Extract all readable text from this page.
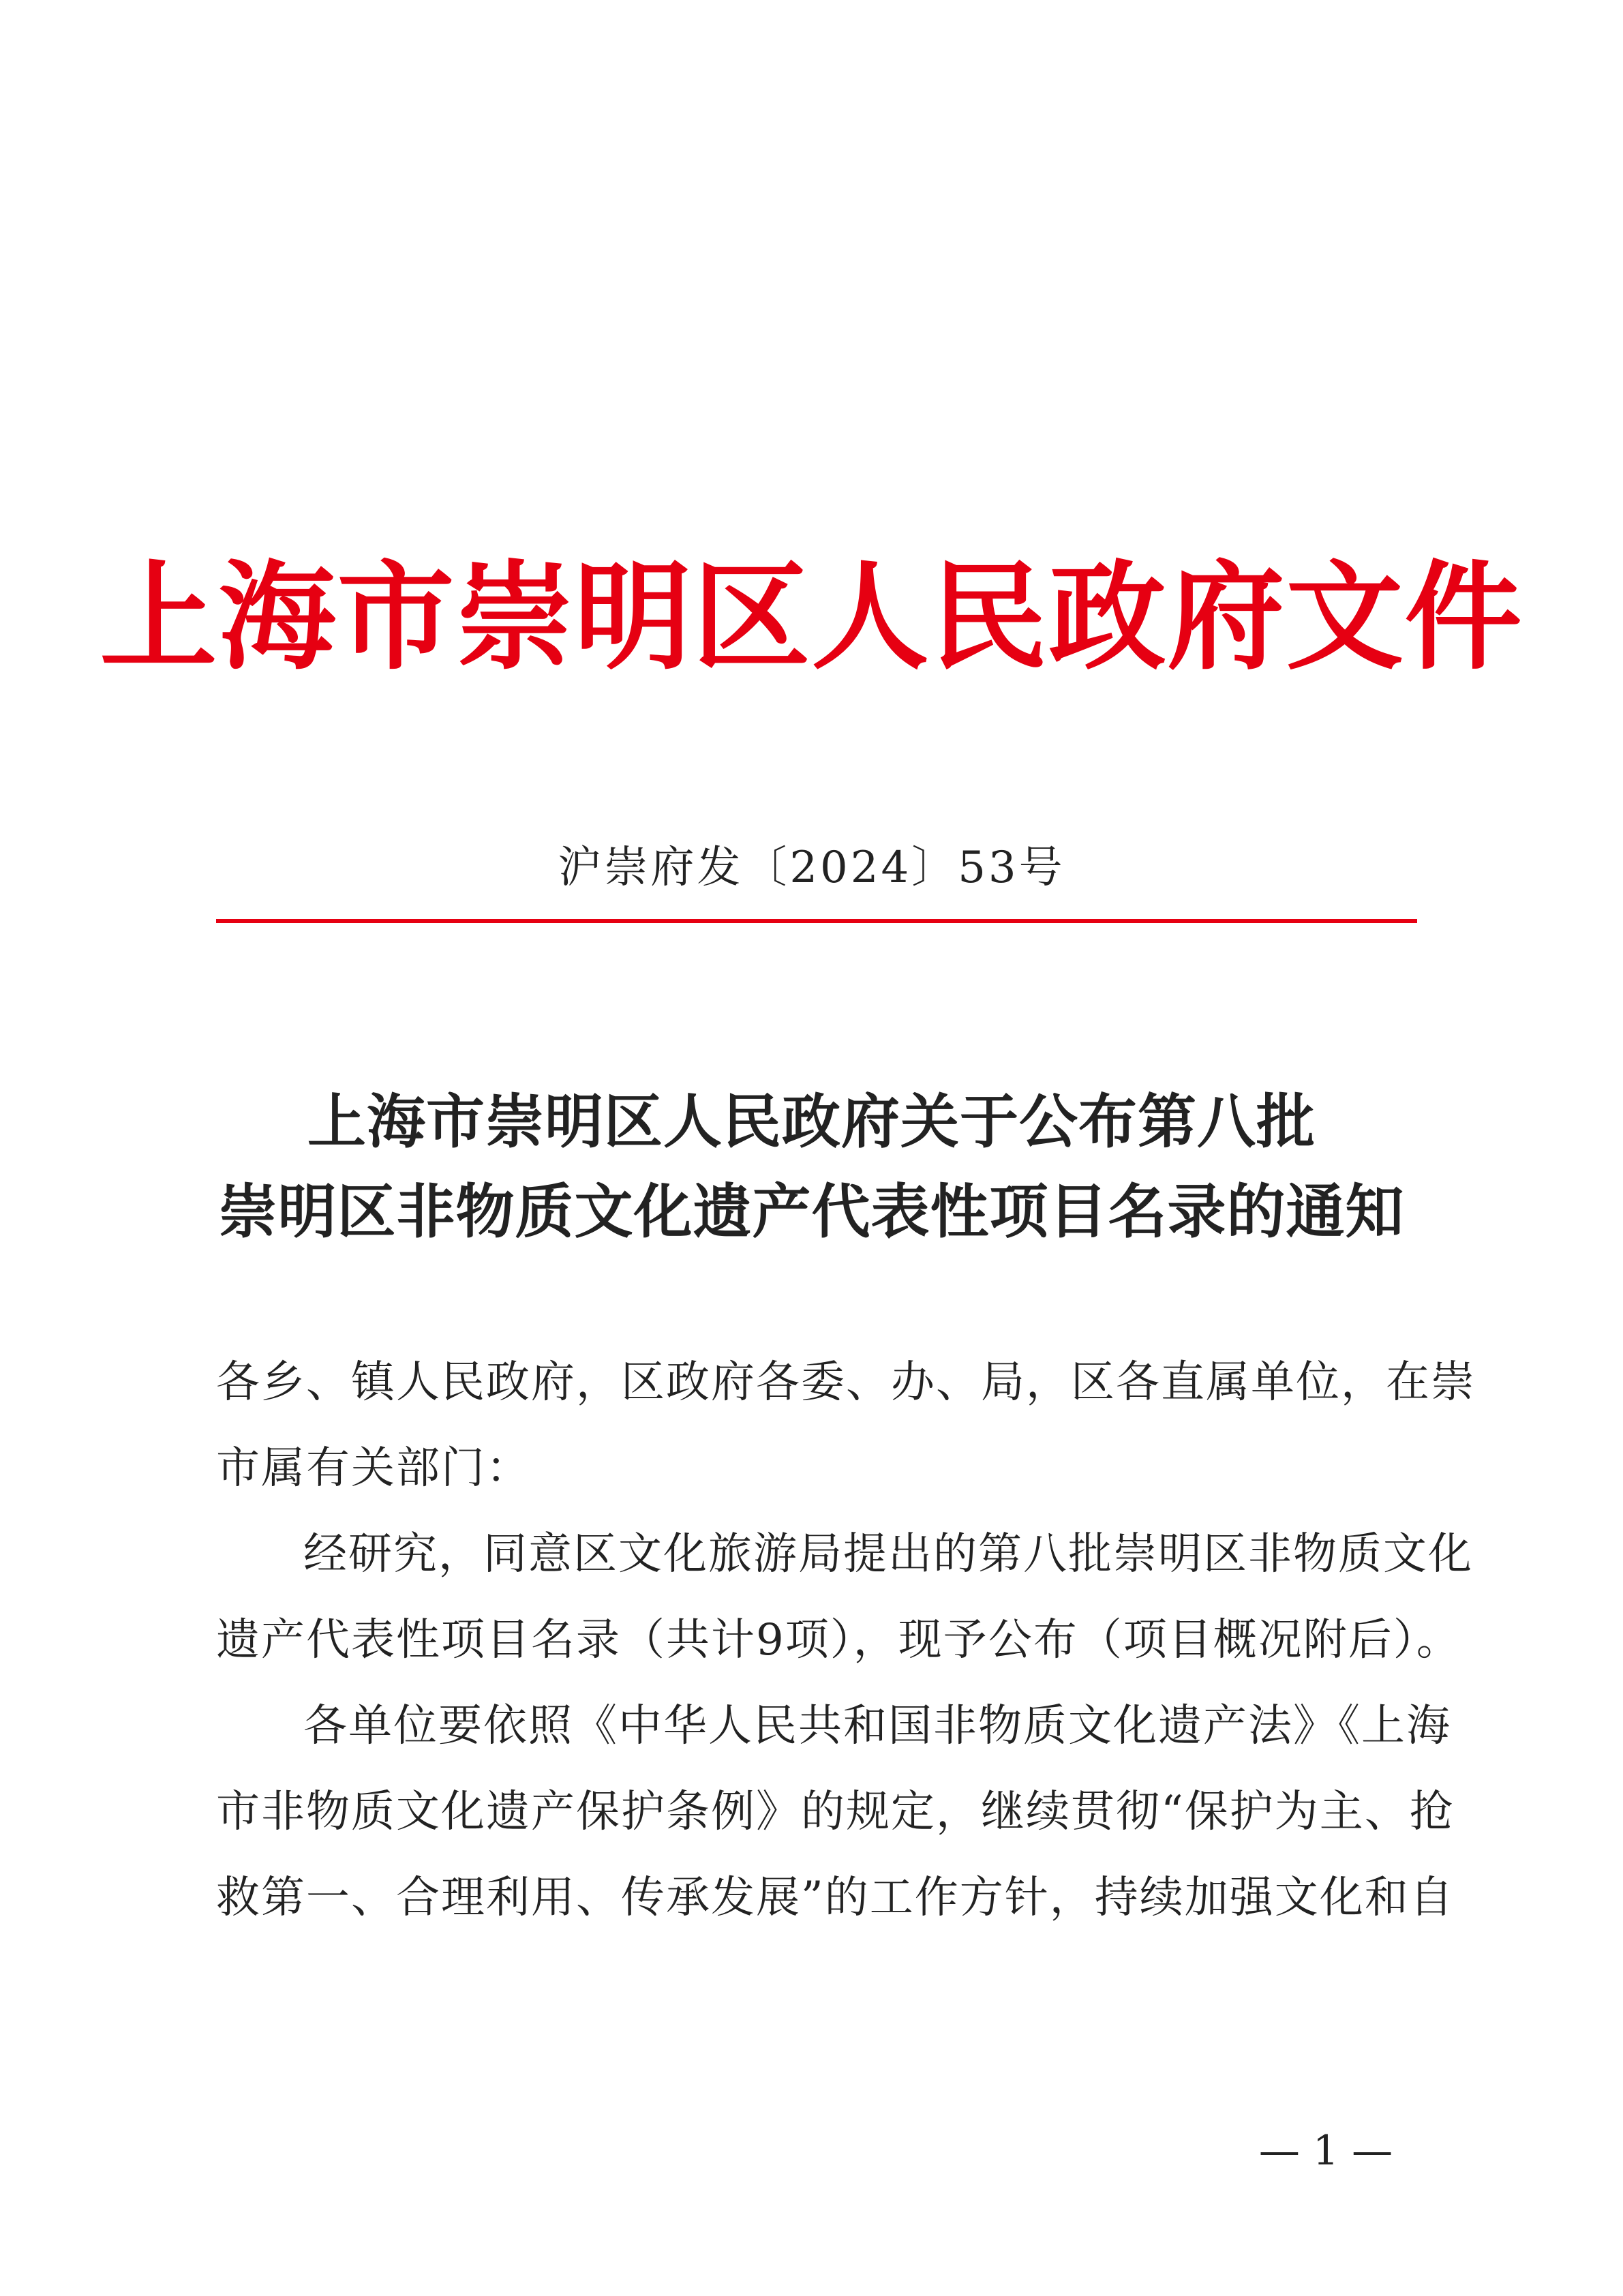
上海市崇明区人民政府文件
沪崇府发〔2024〕53号
上海市崇明区人民政府关于公布第八批
崇明区非物质文化遗产代表性项目名录的通知
各乡、镇人民政府，区政府各委、办、局，区各直属单位，在崇
市属有关部门：
经研究，同意区文化旅游局提出的第八批崇明区非物质文化
遗产代表性项目名录（共计9项），现予公布（项目概况附后）。
各单位要依照《中华人民共和国非物质文化遗产法》《上海
市非物质文化遗产保护条例》的规定，继续贯彻“保护为主、抢
救第一、合理利用、传承发展”的工作方针，持续加强文化和自
— 1 —
